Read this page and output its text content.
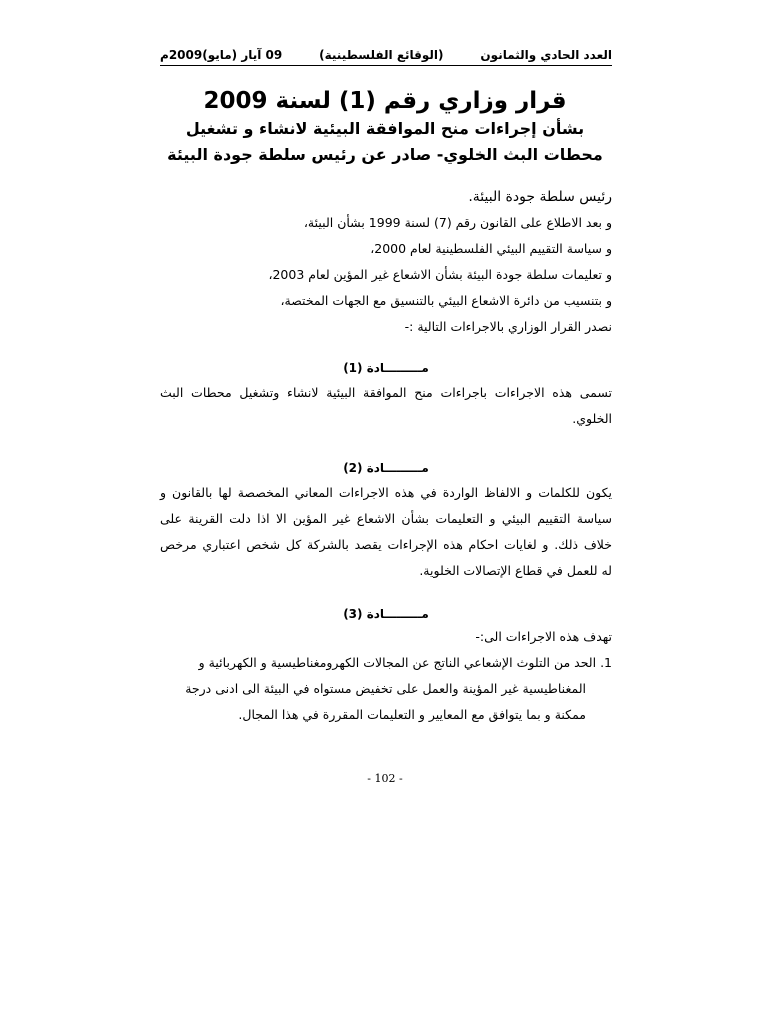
العدد الحادي والثمانون
(الوقائع الفلسطينية)
09 آيار (مايو)2009م

قرار وزاري رقم (1) لسنة 2009

بشأن إجراءات منح الموافقة البيئية لانشاء و تشغيل

محطات البث الخلوي- صادر عن رئيس سلطة جودة البيئة

رئيس سلطة جودة البيئة.
و بعد الاطلاع على القانون رقم (7) لسنة 1999 بشأن البيئة،
و سياسة التقييم البيئي الفلسطينية لعام 2000،
و تعليمات سلطة جودة البيئة بشأن الاشعاع غير المؤين لعام 2003،
و بتنسيب من دائرة الاشعاع البيئي بالتنسيق مع الجهات المختصة،
نصدر القرار الوزاري بالاجراءات التالية :-
مـــــــــادة (1)
تسمى هذه الاجراءات باجراءات منح الموافقة البيئية لانشاء وتشغيل محطات البث
الخلوي.
مـــــــــادة (2)
يكون للكلمات و الالفاظ الواردة في هذه الاجراءات المعاني المخصصة لها بالقانون و
سياسة التقييم البيئي و التعليمات بشأن الاشعاع غير المؤين الا اذا دلت القرينة على
خلاف ذلك. و لغايات احكام هذه الإجراءات يقصد بالشركة كل شخص اعتباري مرخص
له للعمل في قطاع الإتصالات الخلوية.
مـــــــــادة (3)
تهدف هذه الاجراءات الى:-
1. الحد من التلوث الإشعاعي الناتج عن المجالات الكهرومغناطيسية و الكهربائية و
المغناطيسية غير المؤينة والعمل على تخفيض مستواه في البيئة الى ادنى درجة
ممكنة و بما يتوافق مع المعايير و التعليمات المقررة في هذا المجال.
- 102 -
